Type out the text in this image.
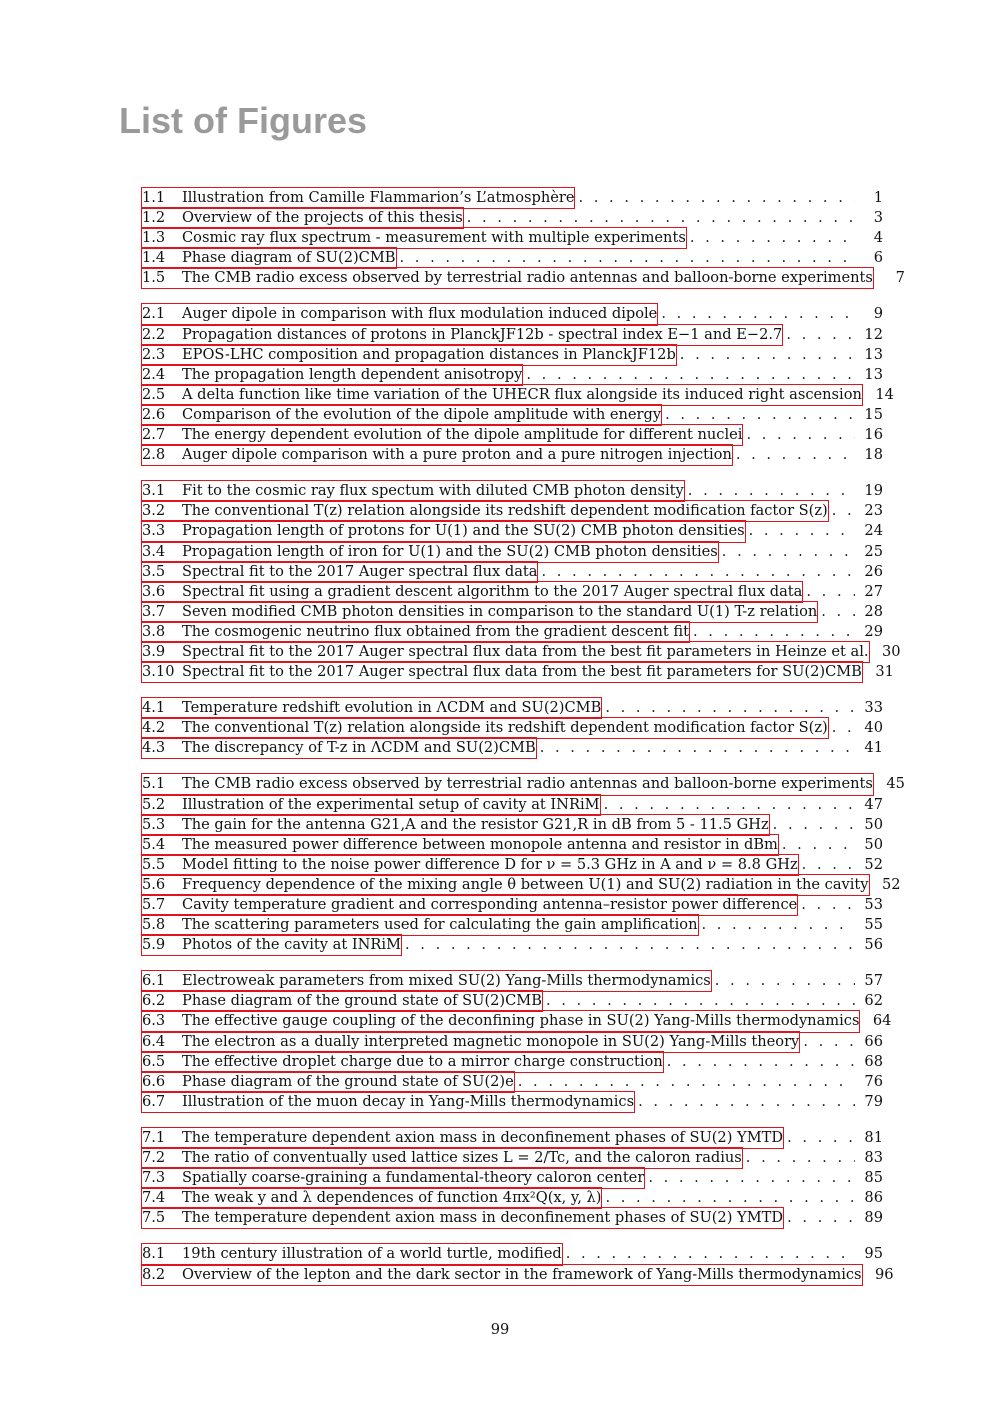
List of Figures
1.1	Illustration from Camille Flammarion’s L’atmosphère . . .	1
1.2	Overview of the projects of this thesis . . .	3
1.3	Cosmic ray flux spectrum - measurement with multiple experiments . . .	4
1.4	Phase diagram of SU(2)CMB . . .	6
1.5	The CMB radio excess observed by terrestrial radio antennas and balloon-borne experiments . . .	7
2.1	Auger dipole in comparison with flux modulation induced dipole . . .	9
2.2	Propagation distances of protons in PlanckJF12b - spectral index E−1 and E−2.7 . . .	12
2.3	EPOS-LHC composition and propagation distances in PlanckJF12b . . .	13
2.4	The propagation length dependent anisotropy . . .	13
2.5	A delta function like time variation of the UHECR flux alongside its induced right ascension . . . 14
2.6	Comparison of the evolution of the dipole amplitude with energy . . .	15
2.7	The energy dependent evolution of the dipole amplitude for different nuclei . . .	16
2.8	Auger dipole comparison with a pure proton and a pure nitrogen injection . . .	18
3.1	Fit to the cosmic ray flux spectum with diluted CMB photon density . . .	19
3.2	The conventional T(z) relation alongside its redshift dependent modification factor S(z) . . .	23
3.3	Propagation length of protons for U(1) and the SU(2) CMB photon densities . . .	24
3.4	Propagation length of iron for U(1) and the SU(2) CMB photon densities . . .	25
3.5	Spectral fit to the 2017 Auger spectral flux data . . .	26
3.6	Spectral fit using a gradient descent algorithm to the 2017 Auger spectral flux data . . .	27
3.7	Seven modified CMB photon densities in comparison to the standard U(1) T-z relation . . .	28
3.8	The cosmogenic neutrino flux obtained from the gradient descent fit . . .	29
3.9	Spectral fit to the 2017 Auger spectral flux data from the best fit parameters in Heinze et al. . . . 30
3.10 Spectral fit to the 2017 Auger spectral flux data from the best fit parameters for SU(2)CMB . . . 31
4.1	Temperature redshift evolution in ΛCDM and SU(2)CMB . . .	33
4.2	The conventional T(z) relation alongside its redshift dependent modification factor S(z) . . .	40
4.3	The discrepancy of T-z in ΛCDM and SU(2)CMB . . .	41
5.1	The CMB radio excess observed by terrestrial radio antennas and balloon-borne experiments . . . 45
5.2	Illustration of the experimental setup of cavity at INRiM . . .	47
5.3	The gain for the antenna G21,A and the resistor G21,R in dB from 5 - 11.5 GHz . . .	50
5.4	The measured power difference between monopole antenna and resistor in dBm . . .	50
5.5	Model fitting to the noise power difference D for ν = 5.3 GHz in A and ν = 8.8 GHz . . .	52
5.6	Frequency dependence of the mixing angle θ between U(1) and SU(2) radiation in the cavity . . . 52
5.7	Cavity temperature gradient and corresponding antenna–resistor power difference . . .	53
5.8	The scattering parameters used for calculating the gain amplification . . .	55
5.9	Photos of the cavity at INRiM . . .	56
6.1	Electroweak parameters from mixed SU(2) Yang-Mills thermodynamics . . .	57
6.2	Phase diagram of the ground state of SU(2)CMB . . .	62
6.3	The effective gauge coupling of the deconfining phase in SU(2) Yang-Mills thermodynamics . . . 64
6.4	The electron as a dually interpreted magnetic monopole in SU(2) Yang-Mills theory . . .	66
6.5	The effective droplet charge due to a mirror charge construction . . .	68
6.6	Phase diagram of the ground state of SU(2)e . . .	76
6.7	Illustration of the muon decay in Yang-Mills thermodynamics . . .	79
7.1	The temperature dependent axion mass in deconfinement phases of SU(2) YMTD . . .	81
7.2	The ratio of conventually used lattice sizes L = 2/Tc, and the caloron radius . . .	83
7.3	Spatially coarse-graining a fundamental-theory caloron center . . .	85
7.4	The weak y and λ dependences of function 4πx²Q(x, y, λ) . . .	86
7.5	The temperature dependent axion mass in deconfinement phases of SU(2) YMTD . . .	89
8.1	19th century illustration of a world turtle, modified . . .	95
8.2	Overview of the lepton and the dark sector in the framework of Yang-Mills thermodynamics . . . 96
99
